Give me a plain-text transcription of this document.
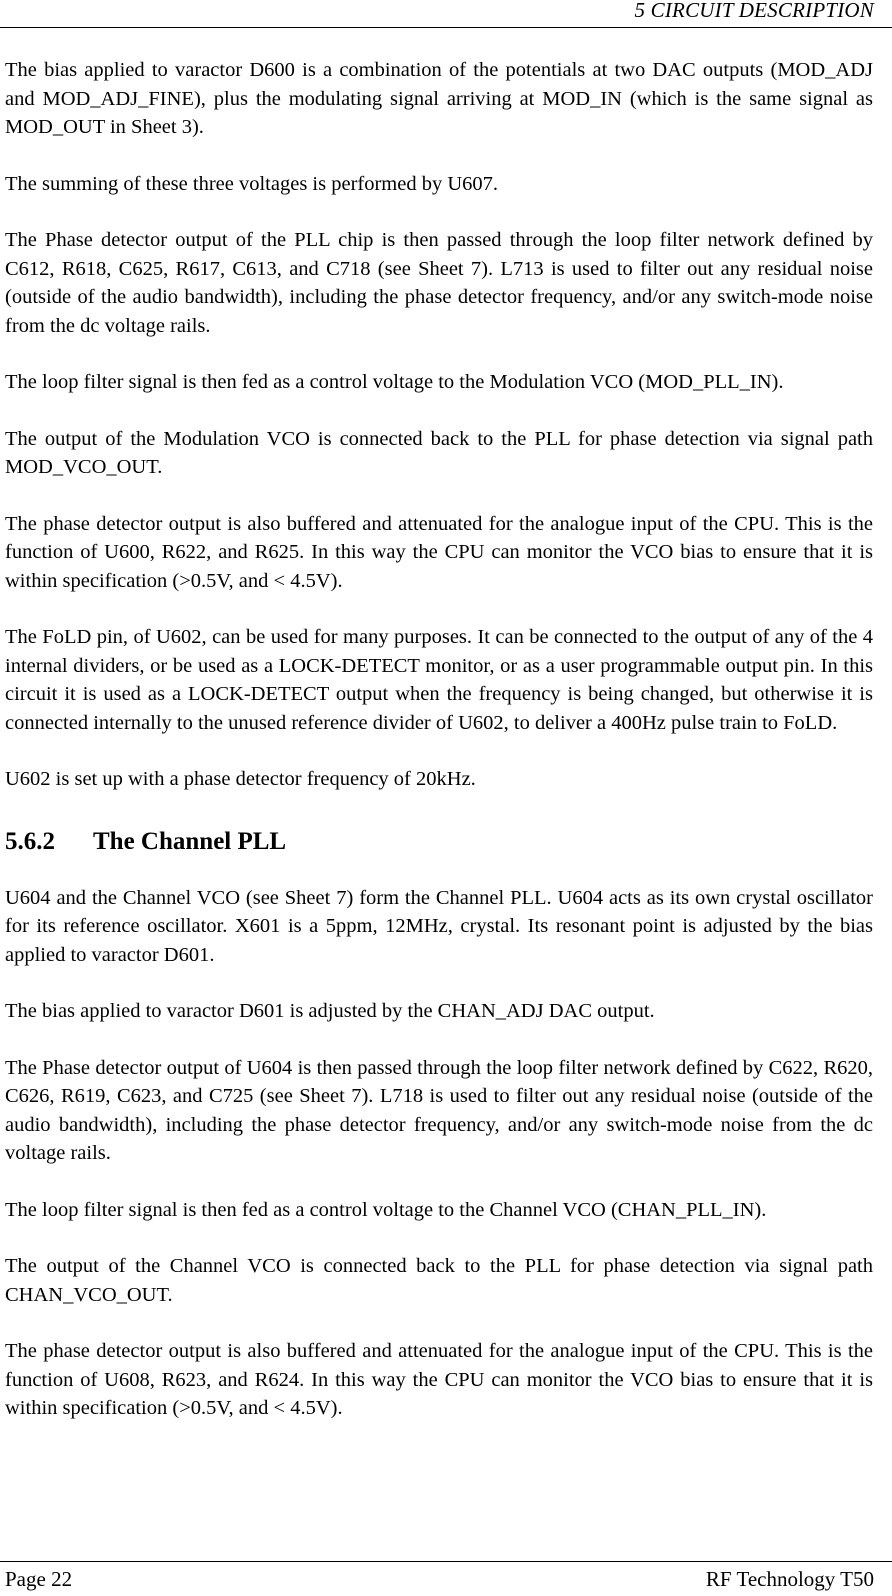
5 CIRCUIT DESCRIPTION

The bias applied to varactor D600 is a combination of the potentials at two DAC outputs (MOD_ADJ and MOD_ADJ_FINE), plus the modulating signal arriving at MOD_IN (which is the same signal as MOD_OUT in Sheet 3).

The summing of these three voltages is performed by U607.

The Phase detector output of the PLL chip is then passed through the loop filter network defined by C612, R618, C625, R617, C613, and C718 (see Sheet 7). L713 is used to filter out any residual noise (outside of the audio bandwidth), including the phase detector frequency, and/or any switch-mode noise from the dc voltage rails.

The loop filter signal is then fed as a control voltage to the Modulation VCO (MOD_PLL_IN).

The output of the Modulation VCO is connected back to the PLL for phase detection via signal path MOD_VCO_OUT.

The phase detector output is also buffered and attenuated for the analogue input of the CPU. This is the function of U600, R622, and R625. In this way the CPU can monitor the VCO bias to ensure that it is within specification (>0.5V, and < 4.5V).

The FoLD pin, of U602, can be used for many purposes. It can be connected to the output of any of the 4 internal dividers, or be used as a LOCK-DETECT monitor, or as a user programmable output pin. In this circuit it is used as a LOCK-DETECT output when the frequency is being changed, but otherwise it is connected internally to the unused reference divider of U602, to deliver a 400Hz pulse train to FoLD.

U602 is set up with a phase detector frequency of 20kHz.

5.6.2 The Channel PLL

U604 and the Channel VCO (see Sheet 7) form the Channel PLL. U604 acts as its own crystal oscillator for its reference oscillator. X601 is a 5ppm, 12MHz, crystal. Its resonant point is adjusted by the bias applied to varactor D601.

The bias applied to varactor D601 is adjusted by the CHAN_ADJ DAC output.

The Phase detector output of U604 is then passed through the loop filter network defined by C622, R620, C626, R619, C623, and C725 (see Sheet 7). L718 is used to filter out any residual noise (outside of the audio bandwidth), including the phase detector frequency, and/or any switch-mode noise from the dc voltage rails.

The loop filter signal is then fed as a control voltage to the Channel VCO (CHAN_PLL_IN).

The output of the Channel VCO is connected back to the PLL for phase detection via signal path CHAN_VCO_OUT.

The phase detector output is also buffered and attenuated for the analogue input of the CPU. This is the function of U608, R623, and R624. In this way the CPU can monitor the VCO bias to ensure that it is within specification (>0.5V, and < 4.5V).

Page 22	RF Technology T50
